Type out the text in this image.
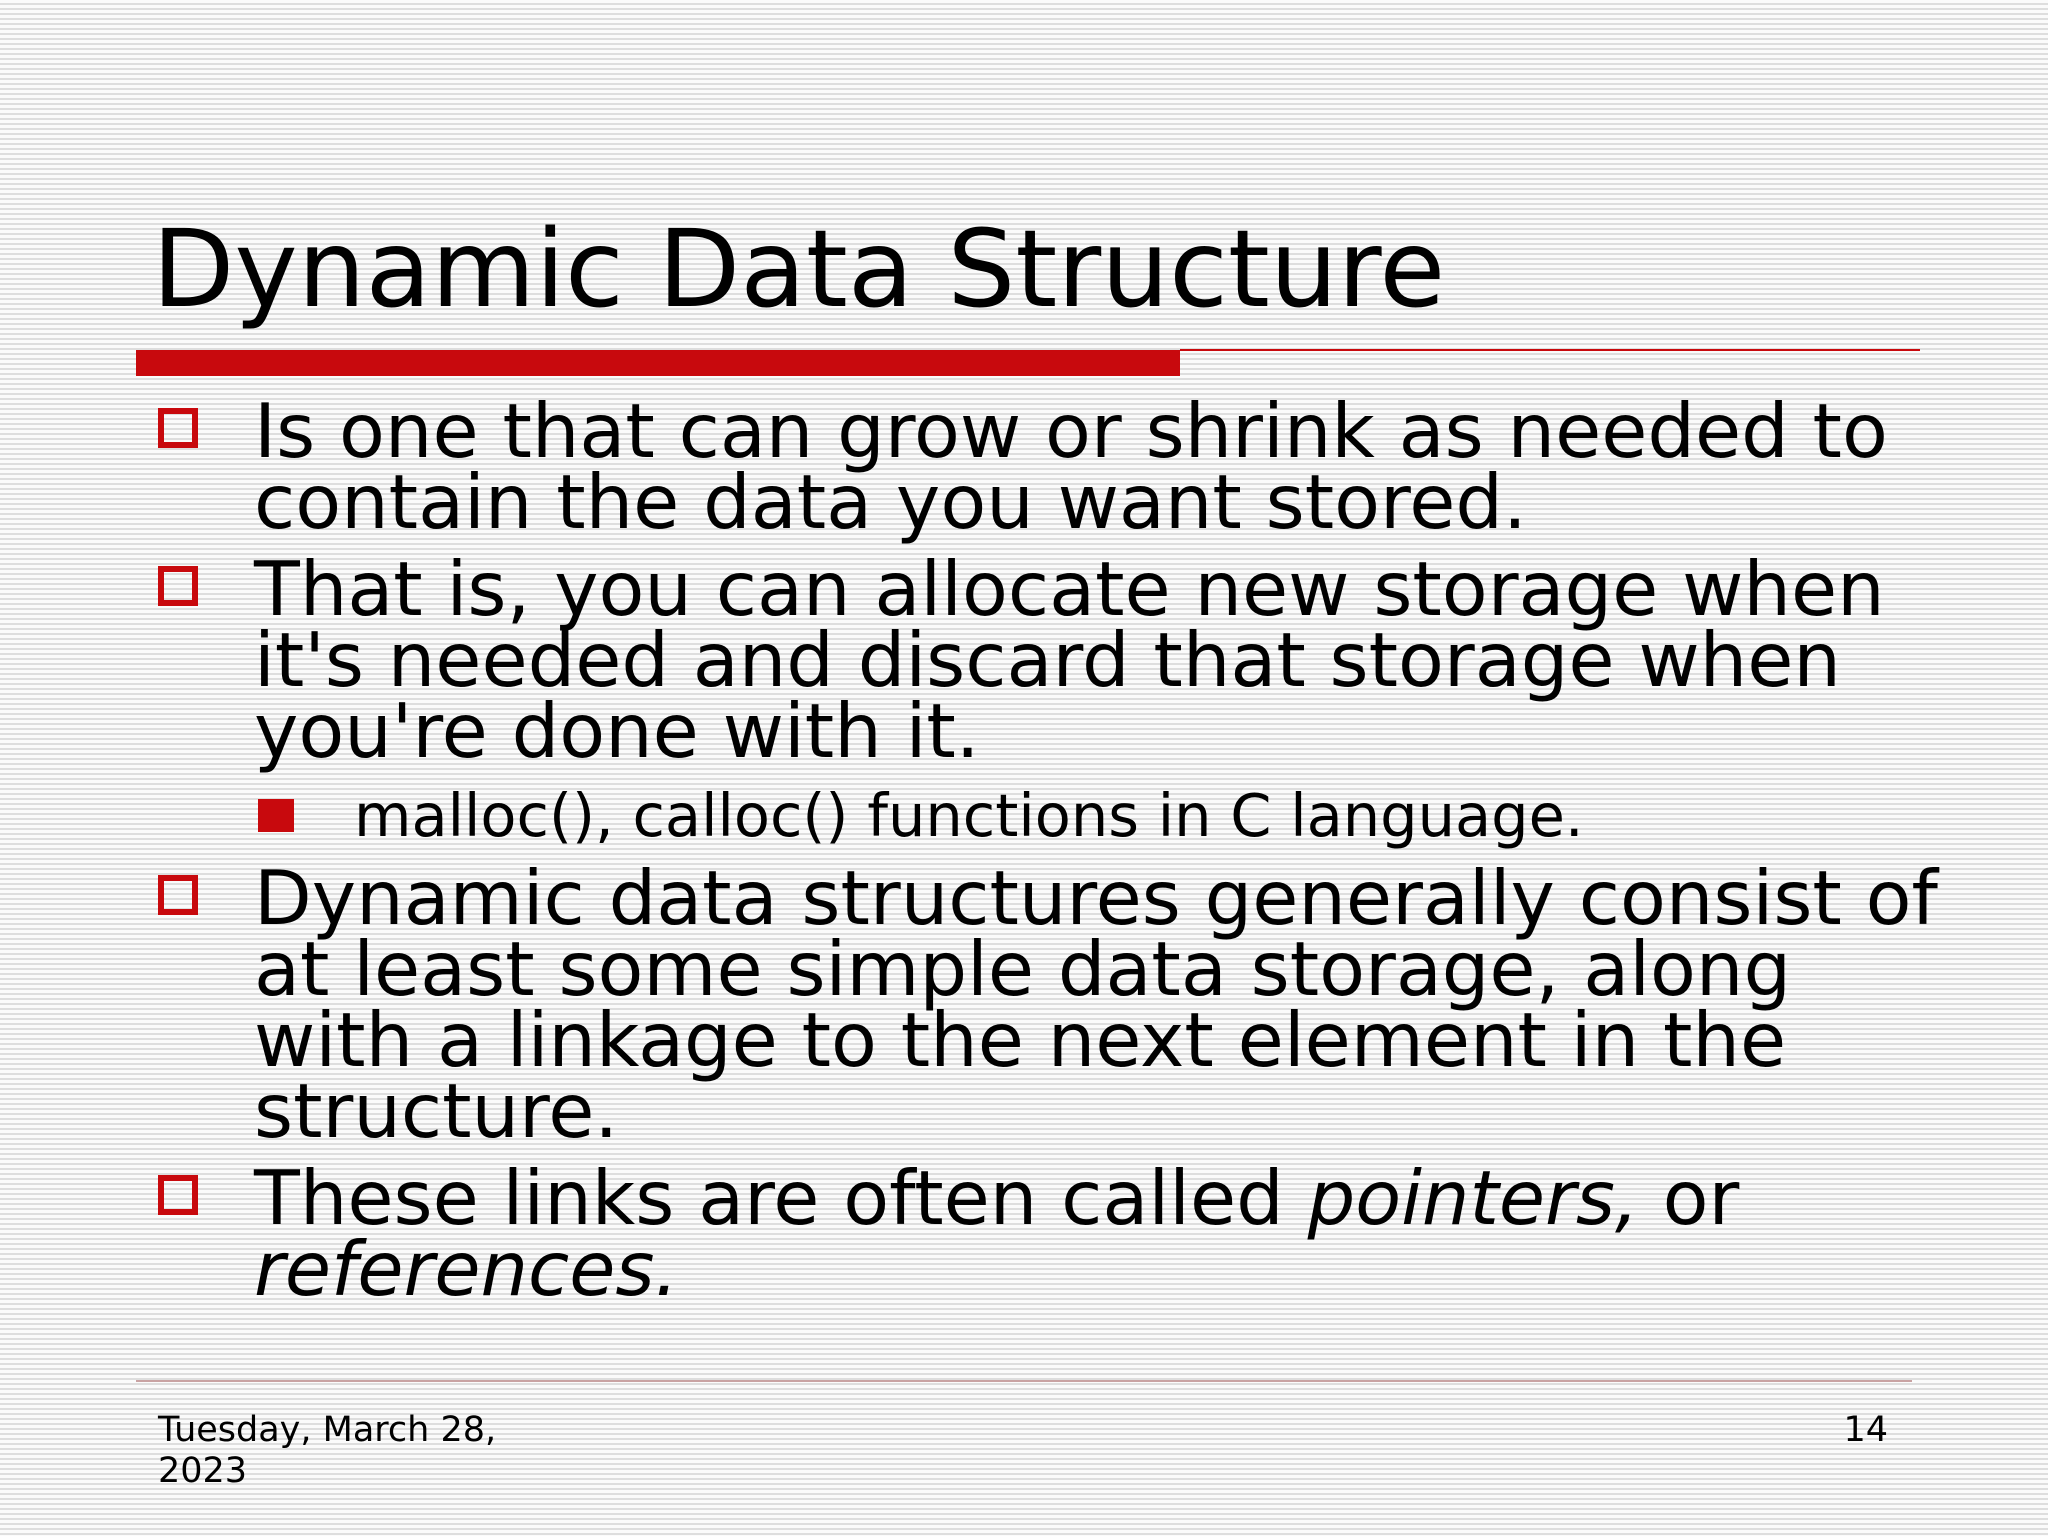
Dynamic Data Structure
Is one that can grow or shrink as needed to contain the data you want stored.
That is, you can allocate new storage when it's needed and discard that storage when you're done with it.
malloc(), calloc() functions in C language.
Dynamic data structures generally consist of at least some simple data storage, along with a linkage to the next element in the structure.
These links are often called pointers, or references.
Tuesday, March 28, 2023
14
